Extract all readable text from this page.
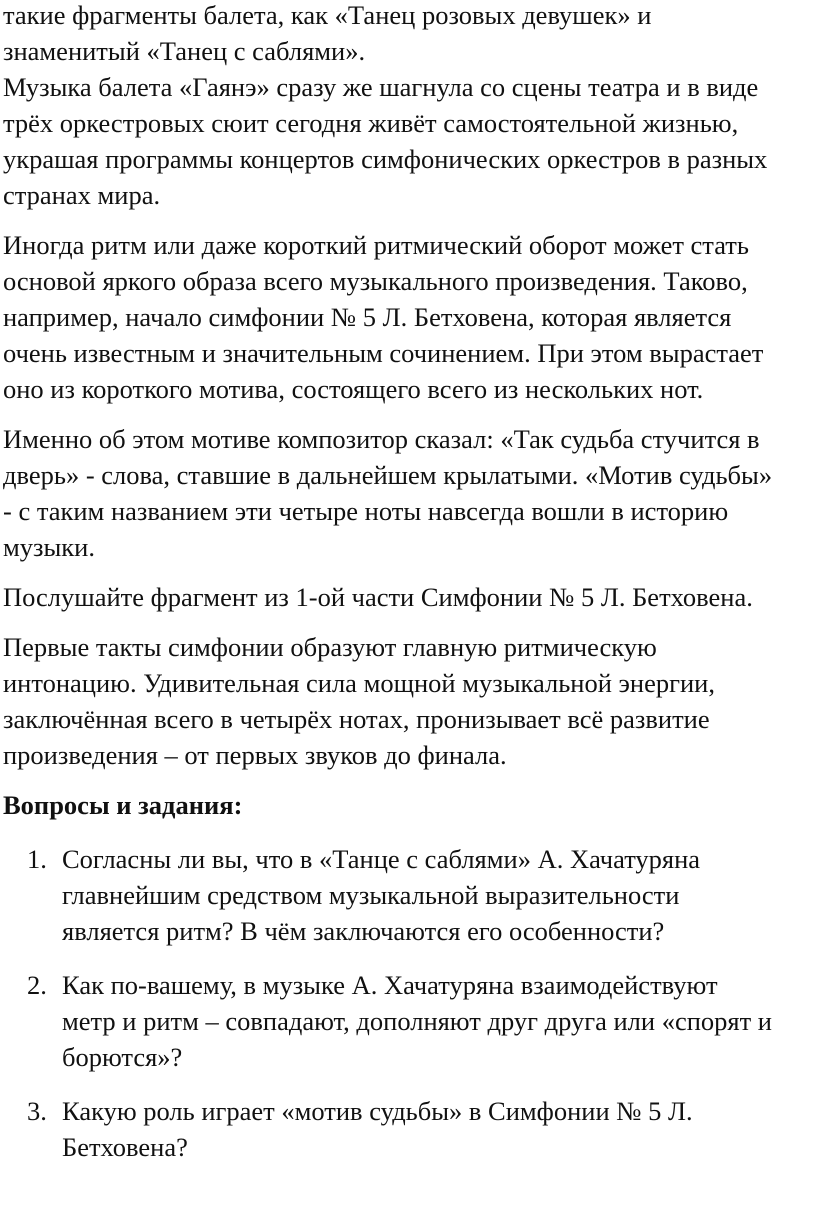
такие фрагменты балета, как «Танец розовых девушек» и
знаменитый «Танец с саблями».

Музыка балета «Гаянэ» сразу же шагнула со сцены театра и в виде
трёх оркестровых сюит сегодня живёт самостоятельной жизнью,
украшая программы концертов симфонических оркестров в разных
странах мира.

Иногда ритм или даже короткий ритмический оборот может стать
основой яркого образа всего музыкального произведения. Таково,
например, начало симфонии № 5 Л. Бетховена, которая является
очень известным и значительным сочинением. При этом вырастает
оно из короткого мотива, состоящего всего из нескольких нот.

Именно об этом мотиве композитор сказал: «Так судьба стучится в
дверь» - слова, ставшие в дальнейшем крылатыми. «Мотив судьбы»
- с таким названием эти четыре ноты навсегда вошли в историю
музыки.

Послушайте фрагмент из 1-ой части Симфонии № 5 Л. Бетховена.

Первые такты симфонии образуют главную ритмическую
интонацию. Удивительная сила мощной музыкальной энергии,
заключённая всего в четырёх нотах, пронизывает всё развитие
произведения – от первых звуков до финала.

Вопросы и задания:

1. Согласны ли вы, что в «Танце с саблями» А. Хачатуряна
главнейшим средством музыкальной выразительности
является ритм? В чём заключаются его особенности?
2. Как по-вашему, в музыке А. Хачатуряна взаимодействуют
метр и ритм – совпадают, дополняют друг друга или «спорят и
борются»?
3. Какую роль играет «мотив судьбы» в Симфонии № 5 Л.
Бетховена?
